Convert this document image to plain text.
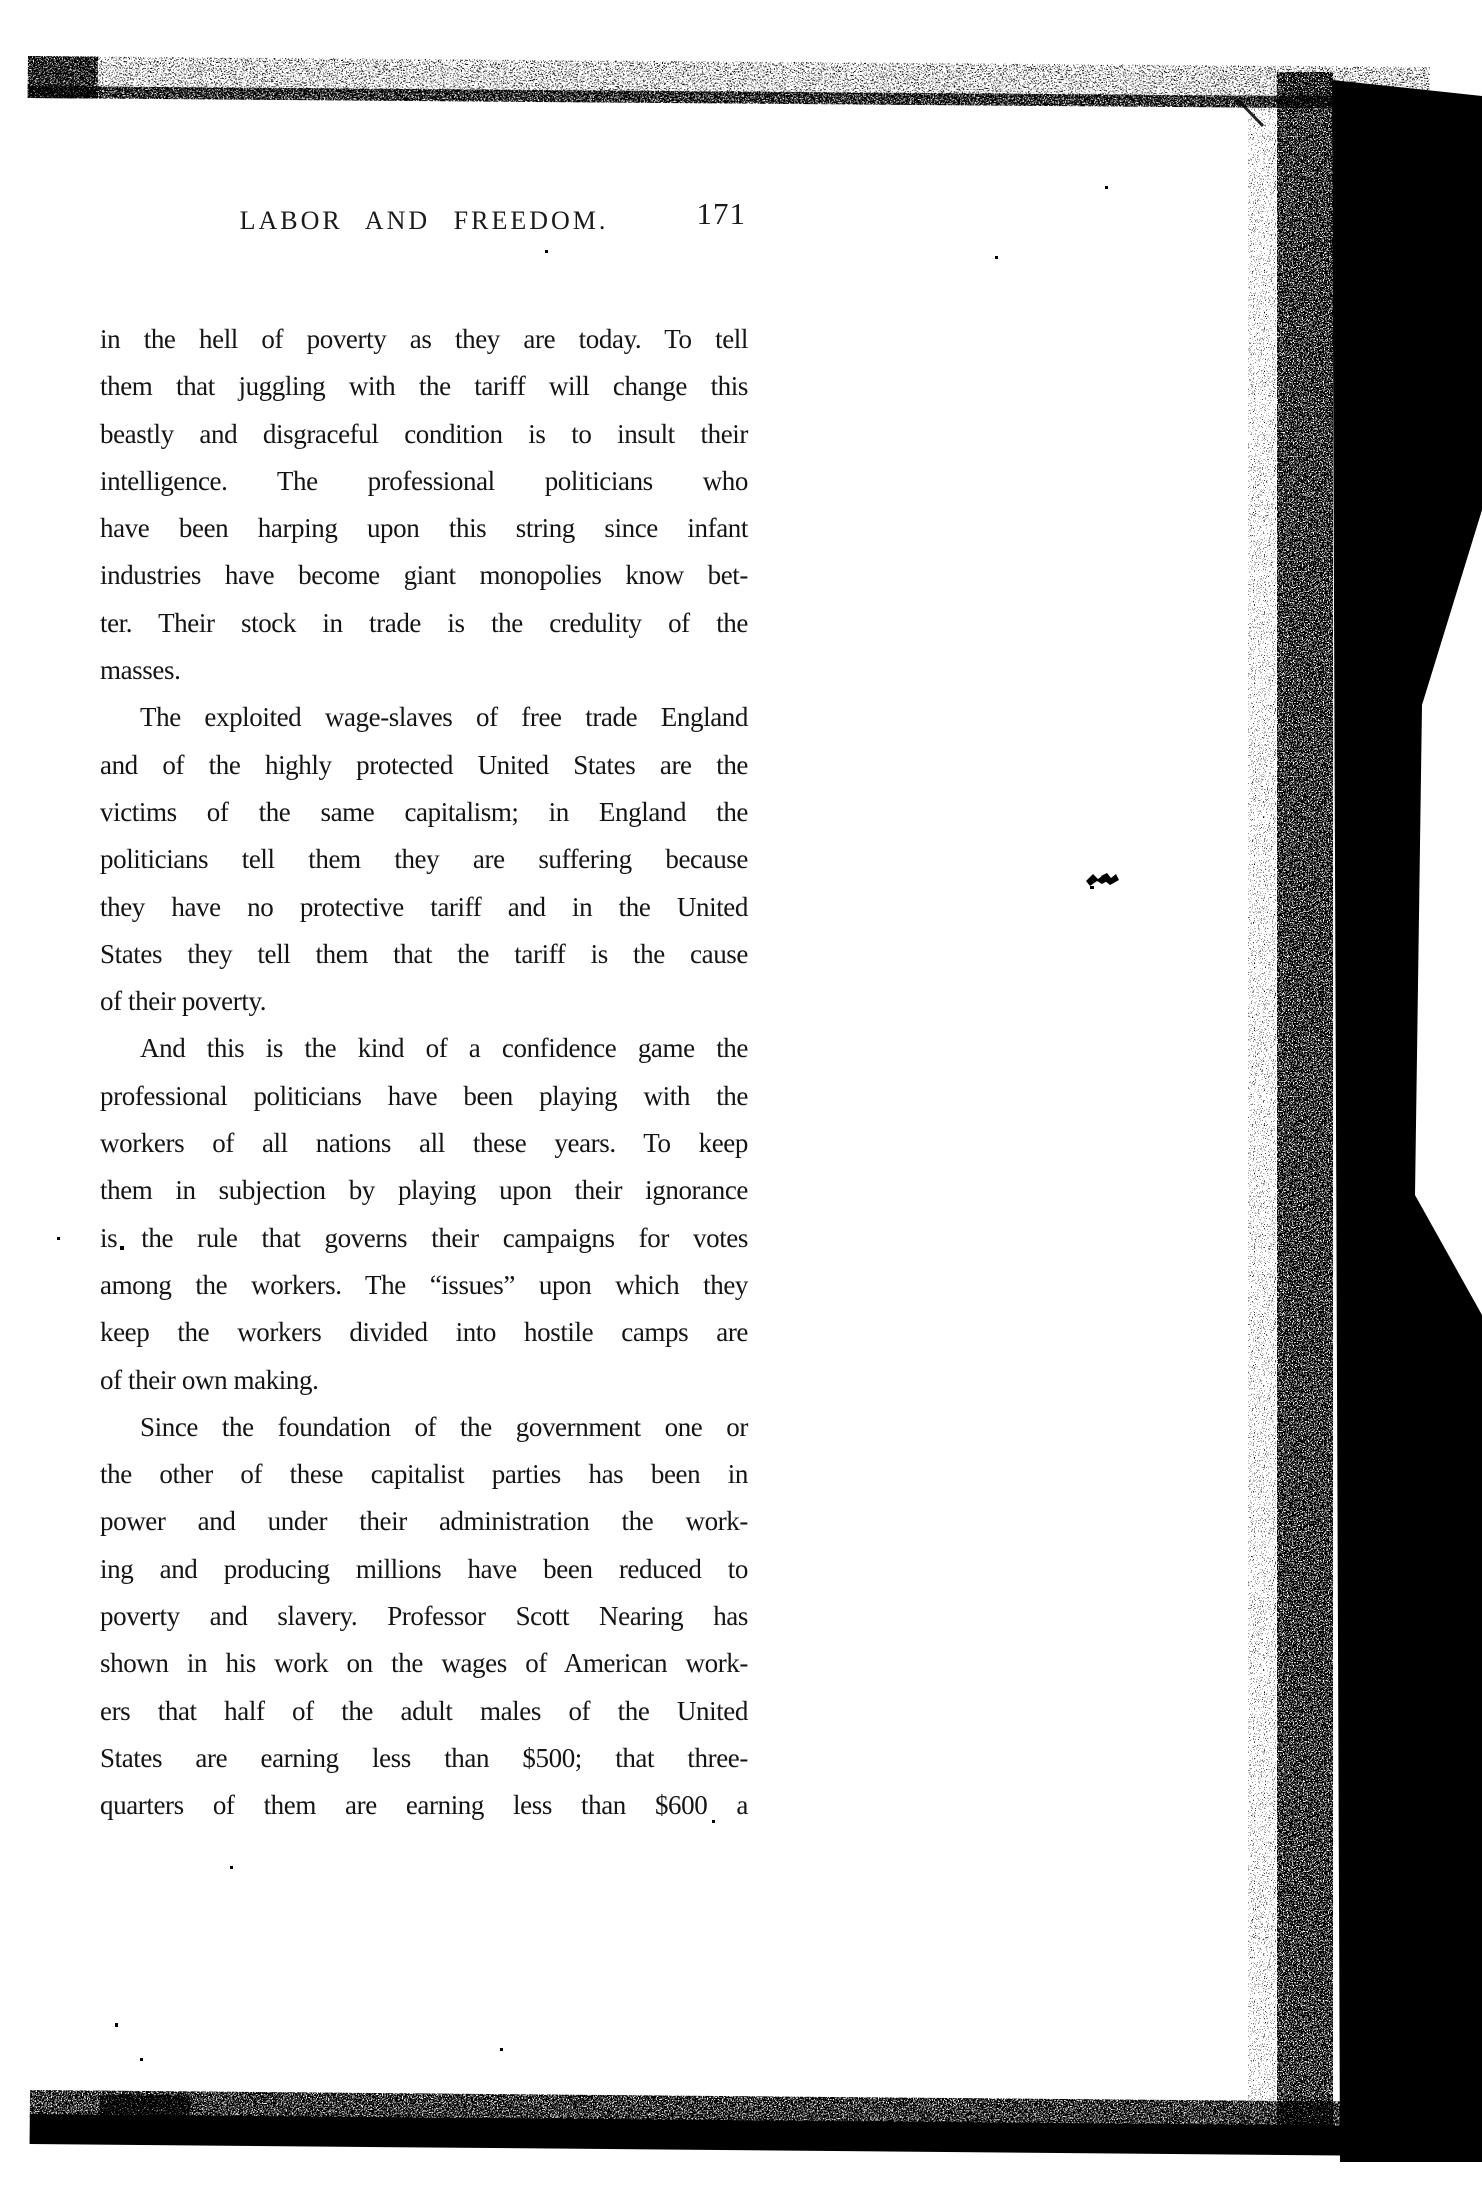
LABOR AND FREEDOM.	171

in the hell of poverty as they are today. To tell
them that juggling with the tariff will change this
beastly and disgraceful condition is to insult their
intelligence. The professional politicians who
have been harping upon this string since infant
industries have become giant monopolies know bet-
ter. Their stock in trade is the credulity of the
masses.

The exploited wage-slaves of free trade England
and of the highly protected United States are the
victims of the same capitalism; in England the
politicians tell them they are suffering because
they have no protective tariff and in the United
States they tell them that the tariff is the cause
of their poverty.

And this is the kind of a confidence game the
professional politicians have been playing with the
workers of all nations all these years. To keep
them in subjection by playing upon their ignorance
is the rule that governs their campaigns for votes
among the workers. The “issues” upon which they
keep the workers divided into hostile camps are
of their own making.

Since the foundation of the government one or
the other of these capitalist parties has been in
power and under their administration the work-
ing and producing millions have been reduced to
poverty and slavery. Professor Scott Nearing has
shown in his work on the wages of American work-
ers that half of the adult males of the United
States are earning less than $500; that three-
quarters of them are earning less than $600 a
